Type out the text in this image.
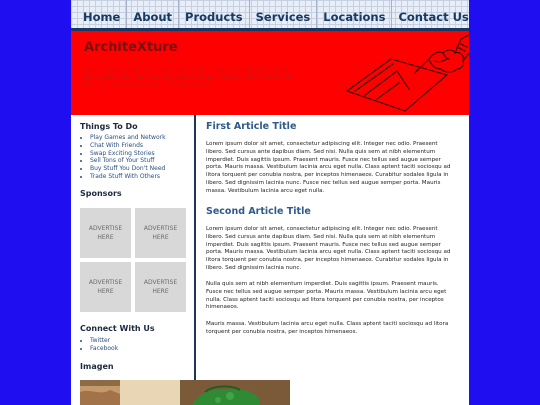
Home	About	Products	Services	Locations	Contact Us
ArchiteXture
Praesent libero. Sed cursus ante dapibus diam. Sed nisi. Nulla quis sem at nibh elementum imperdiet. Duis sagittis ipsum. Praesent mauris. Fusce nec tellus sed augue semper porta. Mauris massa.
Things To Do
• Play Games and Network
• Chat With Friends
• Swap Exciting Stories
• Sell Tons of Your Stuff
• Buy Stuff You Don't Need
• Trade Stuff With Others
Sponsors
ADVERTISE HERE
ADVERTISE HERE
ADVERTISE HERE
ADVERTISE HERE
Connect With Us
• Twitter
• Facebook
Imagen
First Article Title
Lorem ipsum dolor sit amet, consectetur adipiscing elit. Integer nec odio. Praesent libero. Sed cursus ante dapibus diam. Sed nisi. Nulla quis sem at nibh elementum imperdiet. Duis sagittis ipsum. Praesent mauris. Fusce nec tellus sed augue semper porta. Mauris massa. Vestibulum lacinia arcu eget nulla. Class aptent taciti sociosqu ad litora torquent per conubia nostra, per inceptos himenaeos. Curabitur sodales ligula in libero. Sed dignissim lacinia nunc. Fusce nec tellus sed augue semper porta. Mauris massa. Vestibulum lacinia arcu eget nulla.
Second Article Title
Lorem ipsum dolor sit amet, consectetur adipiscing elit. Integer nec odio. Praesent libero. Sed cursus ante dapibus diam. Sed nisi. Nulla quis sem at nibh elementum imperdiet. Duis sagittis ipsum. Praesent mauris. Fusce nec tellus sed augue semper porta. Mauris massa. Vestibulum lacinia arcu eget nulla. Class aptent taciti sociosqu ad litora torquent per conubia nostra, per inceptos himenaeos. Curabitur sodales ligula in libero. Sed dignissim lacinia nunc.
Nulla quis sem at nibh elementum imperdiet. Duis sagittis ipsum. Praesent mauris. Fusce nec tellus sed augue semper porta. Mauris massa. Vestibulum lacinia arcu eget nulla. Class aptent taciti sociosqu ad litora torquent per conubia nostra, per inceptos himenaeos.
Mauris massa. Vestibulum lacinia arcu eget nulla. Class aptent taciti sociosqu ad litora torquent per conubia nostra, per inceptos himenaeos.
